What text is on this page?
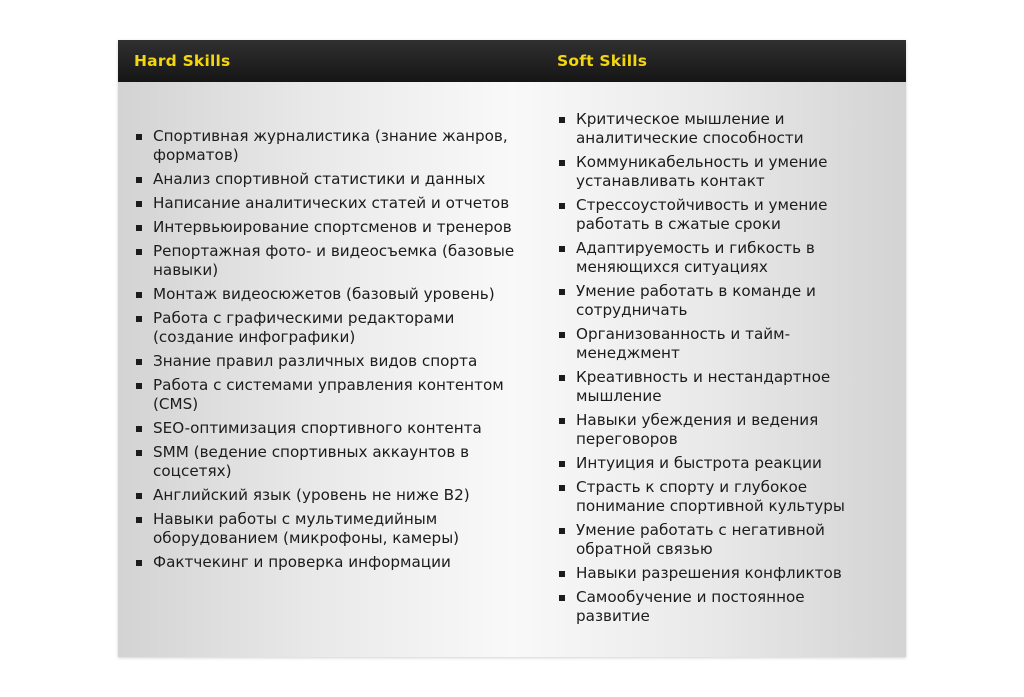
Hard Skills	Soft Skills
Спортивная журналистика (знание жанров, форматов)
Анализ спортивной статистики и данных
Написание аналитических статей и отчетов
Интервьюирование спортсменов и тренеров
Репортажная фото- и видеосъемка (базовые навыки)
Монтаж видеосюжетов (базовый уровень)
Работа с графическими редакторами (создание инфографики)
Знание правил различных видов спорта
Работа с системами управления контентом (CMS)
SEO-оптимизация спортивного контента
SMM (ведение спортивных аккаунтов в соцсетях)
Английский язык (уровень не ниже B2)
Навыки работы с мультимедийным оборудованием (микрофоны, камеры)
Фактчекинг и проверка информации
Критическое мышление и аналитические способности
Коммуникабельность и умение устанавливать контакт
Стрессоустойчивость и умение работать в сжатые сроки
Адаптируемость и гибкость в меняющихся ситуациях
Умение работать в команде и сотрудничать
Организованность и тайм-менеджмент
Креативность и нестандартное мышление
Навыки убеждения и ведения переговоров
Интуиция и быстрота реакции
Страсть к спорту и глубокое понимание спортивной культуры
Умение работать с негативной обратной связью
Навыки разрешения конфликтов
Самообучение и постоянное развитие
